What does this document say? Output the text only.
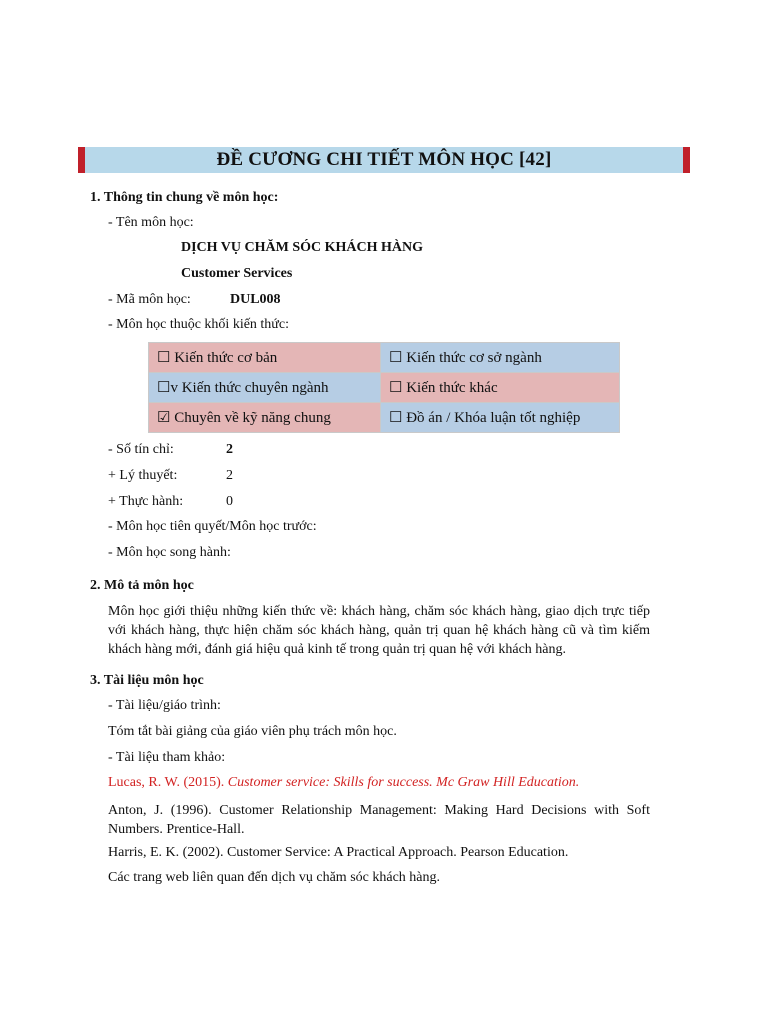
ĐỀ CƯƠNG CHI TIẾT MÔN HỌC [42]
1. Thông tin chung về môn học:
- Tên môn học:
DỊCH VỤ CHĂM SÓC KHÁCH HÀNG
Customer Services
- Mã môn học:	DUL008
- Môn học thuộc khối kiến thức:
☐ Kiến thức cơ bản	☐ Kiến thức cơ sở ngành
☐v Kiến thức chuyên ngành	☐ Kiến thức khác
☑ Chuyên về kỹ năng chung	☐ Đồ án / Khóa luận tốt nghiệp
- Số tín chỉ:	2
+ Lý thuyết:	2
+ Thực hành:	0
- Môn học tiên quyết/Môn học trước:
- Môn học song hành:
2. Mô tả môn học
Môn học giới thiệu những kiến thức về: khách hàng, chăm sóc khách hàng, giao dịch trực tiếp với khách hàng, thực hiện chăm sóc khách hàng, quản trị quan hệ khách hàng cũ và tìm kiếm khách hàng mới, đánh giá hiệu quả kinh tế trong quản trị quan hệ với khách hàng.
3. Tài liệu môn học
- Tài liệu/giáo trình:
Tóm tắt bài giảng của giáo viên phụ trách môn học.
- Tài liệu tham khảo:
Lucas, R. W. (2015). Customer service: Skills for success. Mc Graw Hill Education.
Anton, J. (1996). Customer Relationship Management: Making Hard Decisions with Soft Numbers. Prentice-Hall.
Harris, E. K. (2002). Customer Service: A Practical Approach. Pearson Education.
Các trang web liên quan đến dịch vụ chăm sóc khách hàng.
